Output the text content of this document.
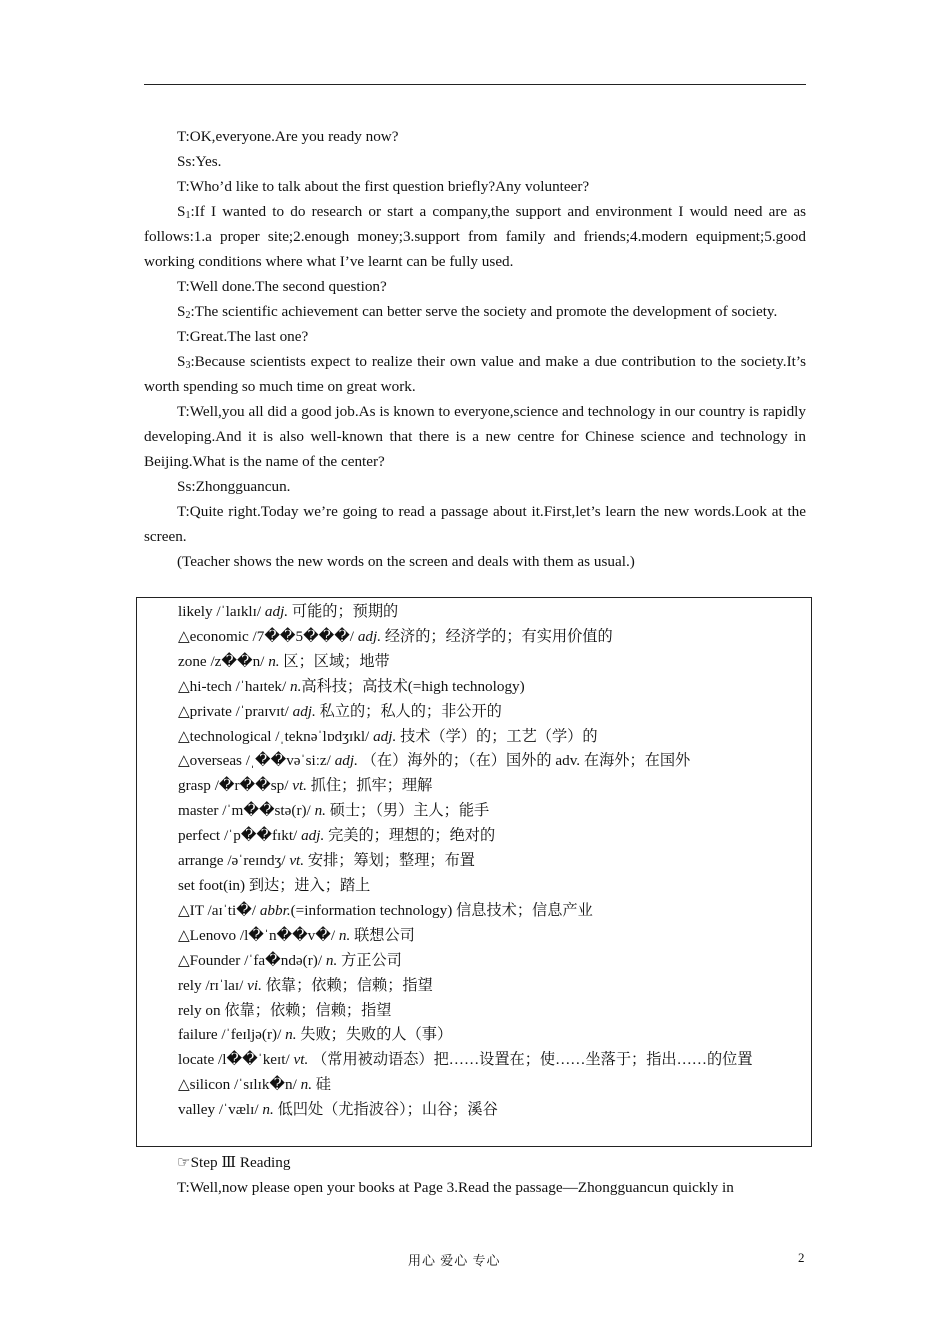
T:OK,everyone.Are you ready now?

Ss:Yes.

T:Who’d like to talk about the first question briefly?Any volunteer?

$S_1:If$ I wanted to do research or start a company,the support and environment I would need are as follows:1.a proper site;2.enough money;3.support from family and friends;4.modern equipment;5.good working conditions where what I’ve learnt can be fully used.

T:Well done.The second question?

$S_2:The$ scientific achievement can better serve the society and promote the development of society.

T:Great.The last one?

$S_3:Because$ scientists expect to realize their own value and make a due contribution to the society.It’s worth spending so much time on great work.

T:Well,you all did a good job.As is known to everyone,science and technology in our country is rapidly developing.And it is also well-known that there is a new centre for Chinese science and technology in Beijing.What is the name of the center?

Ss:Zhongguancun.

T:Quite right.Today we’re going to read a passage about it.First,let’s learn the new words.Look at the screen.

(Teacher shows the new words on the screen and deals with them as usual.)

likely /ˈlaɪklɪ/ adj. 可能的；预期的

△economic /7��5���/ adj. 经济的；经济学的；有实用价值的

zone /z��n/ n. 区；区域；地带

△hi-tech /ˈhaɪtek/ n.高科技；高技术(=high technology)

△private /ˈpraɪvɪt/ adj. 私立的；私人的；非公开的

△technological /ˌteknəˈlɒdʒɪkl/ adj. 技术（学）的；工艺（学）的

△overseas /ˌ��vəˈsiːz/ adj. （在）海外的；（在）国外的 adv. 在海外；在国外

grasp /�r��sp/ vt. 抓住；抓牢；理解

master /ˈm��stə(r)/ n. 硕士；（男）主人；能手

perfect /ˈp��fɪkt/ adj. 完美的；理想的；绝对的

arrange /əˈreɪndʒ/ vt. 安排；筹划；整理；布置

set foot(in) 到达；进入；踏上

△IT /aɪˈti�/ abbr.(=information technology) 信息技术；信息产业

△Lenovo /l�ˈn��v�/ n. 联想公司

△Founder /ˈfa�ndə(r)/ n. 方正公司

rely /rɪˈlaɪ/ vi. 依靠；依赖；信赖；指望

rely on 依靠；依赖；信赖；指望

failure /ˈfeɪljə(r)/ n. 失败；失败的人（事）

locate /l��ˈkeɪt/ vt. （常用被动语态）把……设置在；使……坐落于；指出……的位置

△silicon /ˈsɪlɪk�n/ n. 硅

valley /ˈvælɪ/ n. 低凹处（尤指波谷）；山谷；溪谷

☞Step Ⅲ Reading

T:Well,now please open your books at Page 3.Read the passage—Zhongguancun quickly in

用心 爱心 专心	2
